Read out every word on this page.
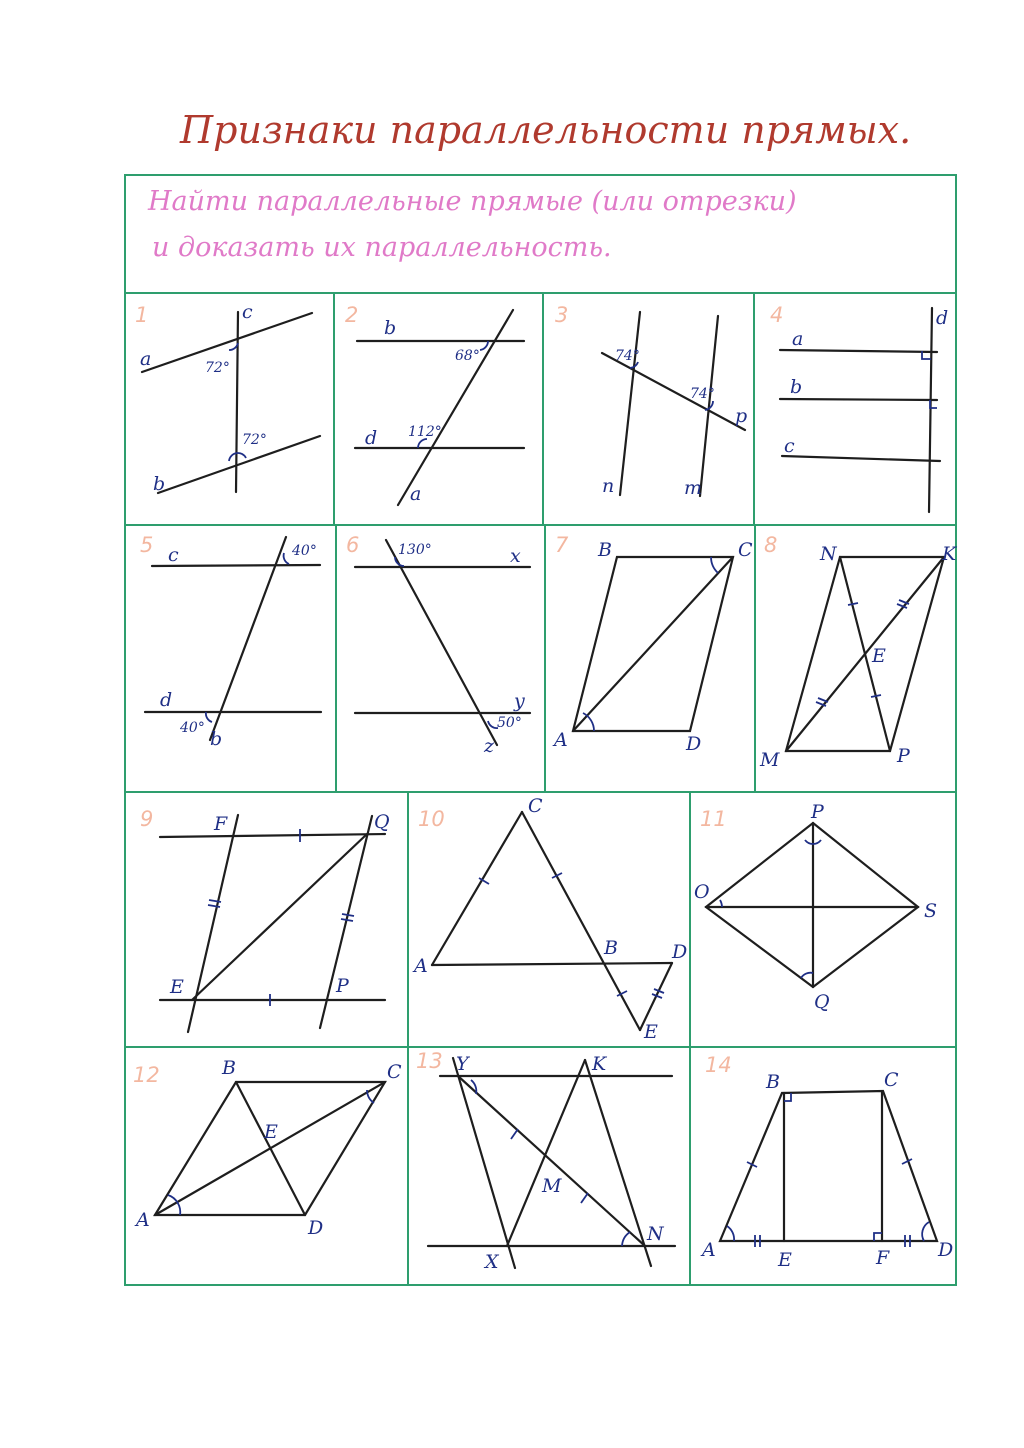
Признаки параллельности прямых.
Найти параллельные прямые (или отрезки)
и доказать их параллельность.
1
a
c
b
72°
72°
2
b
d
a
68°
112°
3
n	m
p
74°
74°
4
a
b
c
d
5 c
d
b
40°
40°
6	x
y
z
130°
50°
7 B	C
A	D
8 N	K
E
M	P
9	F	Q
E	P
10
C
A
B	D
E
11	P
O
S
Q
12	B	C
E
A	D
13 Y	K
M
N
X
14
B	C
A	E	F	D
